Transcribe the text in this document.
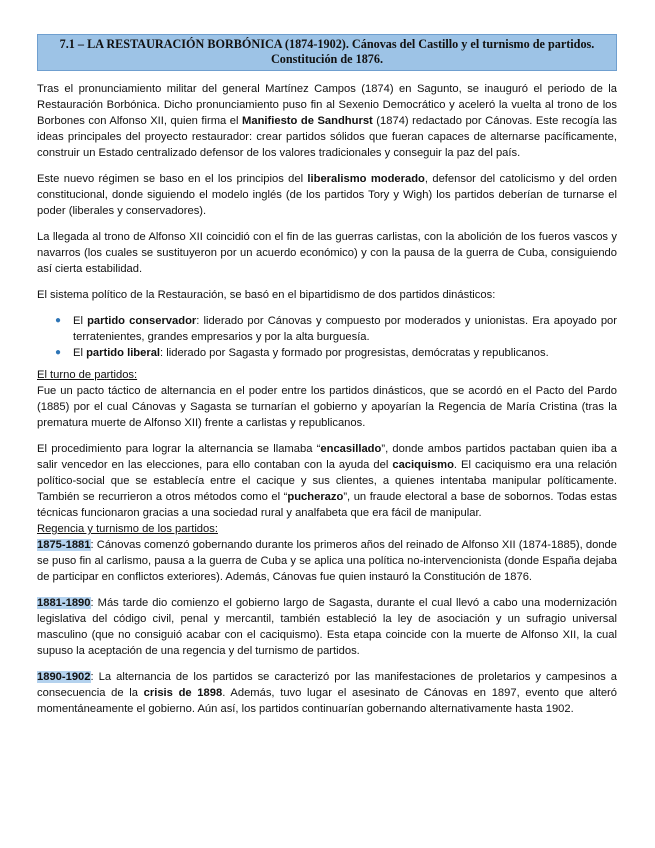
7.1 – LA RESTAURACIÓN BORBÓNICA (1874-1902). Cánovas del Castillo y el turnismo de partidos. Constitución de 1876.

Tras el pronunciamiento militar del general Martínez Campos (1874) en Sagunto, se inauguró el periodo de la Restauración Borbónica. Dicho pronunciamiento puso fin al Sexenio Democrático y aceleró la vuelta al trono de los Borbones con Alfonso XII, quien firma el Manifiesto de Sandhurst (1874) redactado por Cánovas. Este recogía las ideas principales del proyecto restaurador: crear partidos sólidos que fueran capaces de alternarse pacíficamente, construir un Estado centralizado defensor de los valores tradicionales y conseguir la paz del país.

Este nuevo régimen se baso en el los principios del liberalismo moderado, defensor del catolicismo y del orden constitucional, donde siguiendo el modelo inglés (de los partidos Tory y Wigh) los partidos deberían de turnarse el poder (liberales y conservadores).

La llegada al trono de Alfonso XII coincidió con el fin de las guerras carlistas, con la abolición de los fueros vascos y navarros (los cuales se sustituyeron por un acuerdo económico) y con la pausa de la guerra de Cuba, consiguiendo así cierta estabilidad.

El sistema político de la Restauración, se basó en el bipartidismo de dos partidos dinásticos:

● El partido conservador: liderado por Cánovas y compuesto por moderados y unionistas. Era apoyado por terratenientes, grandes empresarios y por la alta burguesía.
● El partido liberal: liderado por Sagasta y formado por progresistas, demócratas y republicanos.
El turno de partidos:

Fue un pacto táctico de alternancia en el poder entre los partidos dinásticos, que se acordó en el Pacto del Pardo (1885) por el cual Cánovas y Sagasta se turnarían el gobierno y apoyarían la Regencia de María Cristina (tras la prematura muerte de Alfonso XII) frente a carlistas y republicanos.

El procedimiento para lograr la alternancia se llamaba “encasillado”, donde ambos partidos pactaban quien iba a salir vencedor en las elecciones, para ello contaban con la ayuda del caciquismo. El caciquismo era una relación político-social que se establecía entre el cacique y sus clientes, a quienes intentaba manipular políticamente. También se recurrieron a otros métodos como el “pucherazo”, un fraude electoral a base de sobornos. Todas estas técnicas funcionaron gracias a una sociedad rural y analfabeta que era fácil de manipular.

Regencia y turnismo de los partidos:

1875-1881: Cánovas comenzó gobernando durante los primeros años del reinado de Alfonso XII (1874-1885), donde se puso fin al carlismo, pausa a la guerra de Cuba y se aplica una política no-intervencionista (donde España dejaba de participar en conflictos exteriores). Además, Cánovas fue quien instauró la Constitución de 1876.

1881-1890: Más tarde dio comienzo el gobierno largo de Sagasta, durante el cual llevó a cabo una modernización legislativa del código civil, penal y mercantil, también estableció la ley de asociación y un sufragio universal masculino (que no consiguió acabar con el caciquismo). Esta etapa coincide con la muerte de Alfonso XII, la cual supuso la aceptación de una regencia y del turnismo de partidos.

1890-1902: La alternancia de los partidos se caracterizó por las manifestaciones de proletarios y campesinos a consecuencia de la crisis de 1898. Además, tuvo lugar el asesinato de Cánovas en 1897, evento que alteró momentáneamente el gobierno. Aún así, los partidos continuarían gobernando alternativamente hasta 1902.
